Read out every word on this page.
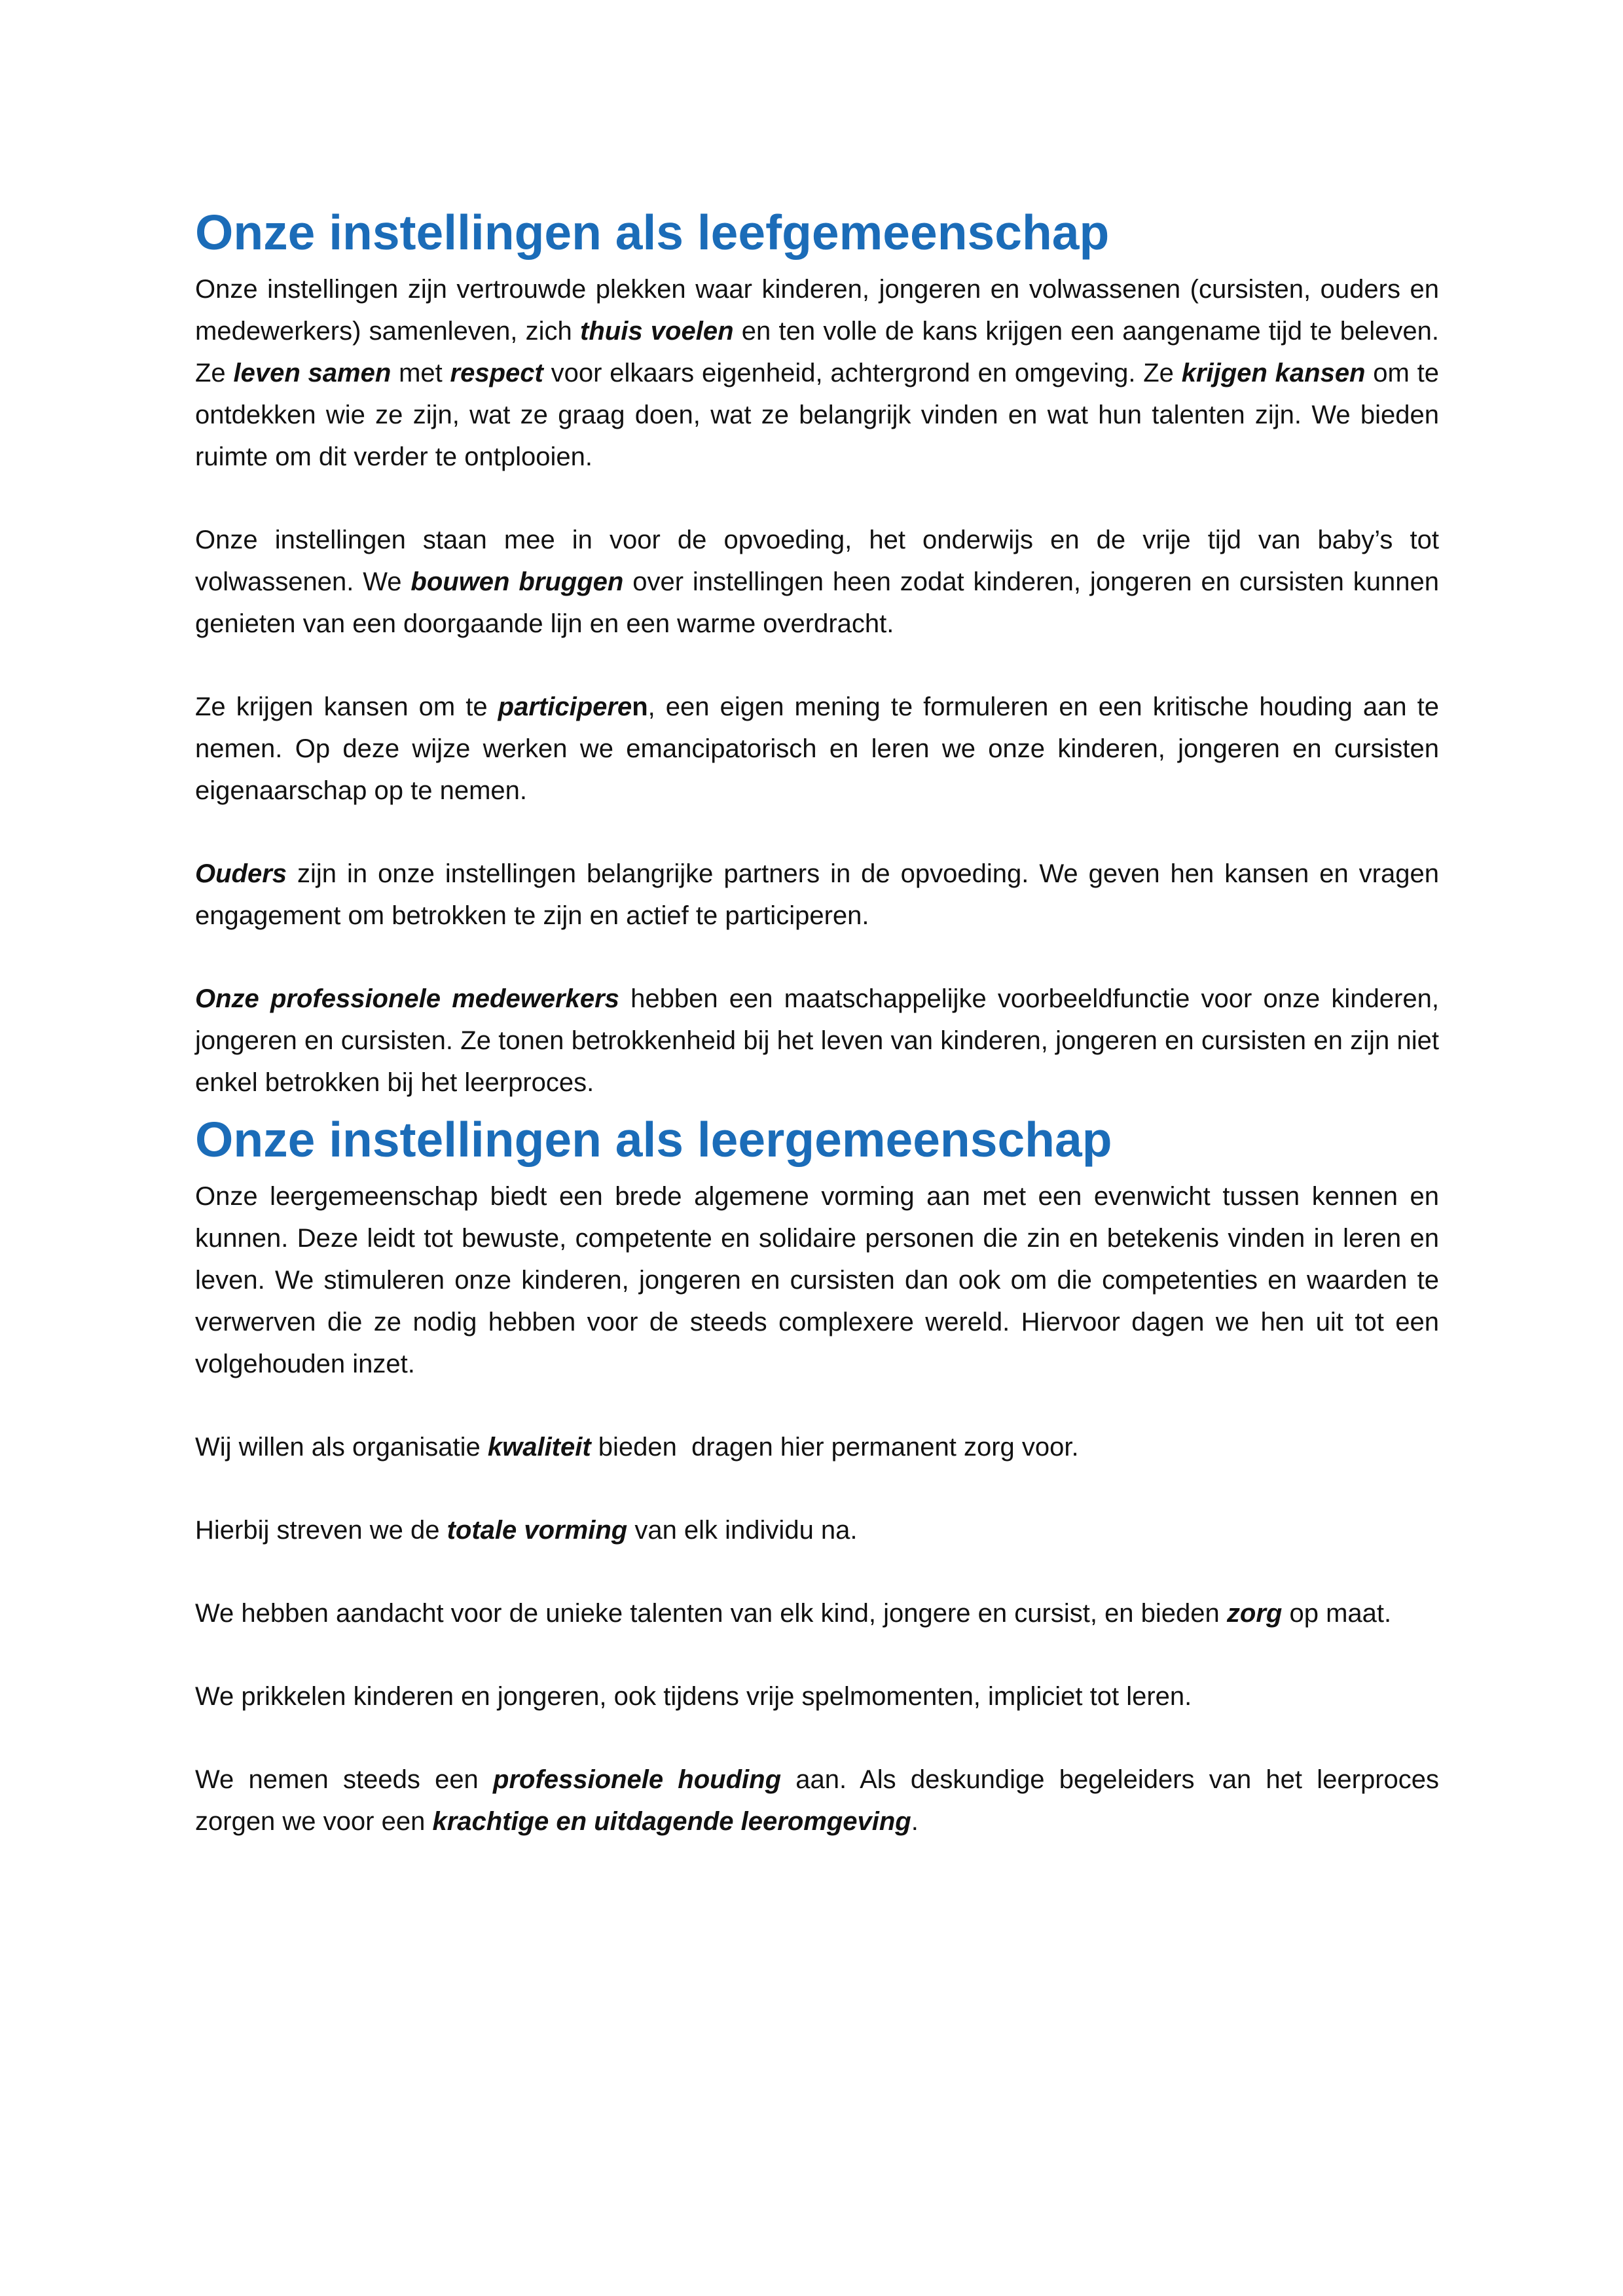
Onze instellingen als leefgemeenschap

Onze instellingen zijn vertrouwde plekken waar kinderen, jongeren en volwassenen (cursisten, ouders en medewerkers) samenleven, zich thuis voelen en ten volle de kans krijgen een aangename tijd te beleven. Ze leven samen met respect voor elkaars eigenheid, achtergrond en omgeving. Ze krijgen kansen om te ontdekken wie ze zijn, wat ze graag doen, wat ze belangrijk vinden en wat hun talenten zijn. We bieden ruimte om dit verder te ontplooien.

Onze instellingen staan mee in voor de opvoeding, het onderwijs en de vrije tijd van baby’s tot volwassenen. We bouwen bruggen over instellingen heen zodat kinderen, jongeren en cursisten kunnen genieten van een doorgaande lijn en een warme overdracht.

Ze krijgen kansen om te participeren, een eigen mening te formuleren en een kritische houding aan te nemen. Op deze wijze werken we emancipatorisch en leren we onze kinderen, jongeren en cursisten eigenaarschap op te nemen.

Ouders zijn in onze instellingen belangrijke partners in de opvoeding. We geven hen kansen en vragen engagement om betrokken te zijn en actief te participeren.

Onze professionele medewerkers hebben een maatschappelijke voorbeeldfunctie voor onze kinderen, jongeren en cursisten. Ze tonen betrokkenheid bij het leven van kinderen, jongeren en cursisten en zijn niet enkel betrokken bij het leerproces.

Onze instellingen als leergemeenschap

Onze leergemeenschap biedt een brede algemene vorming aan met een evenwicht tussen kennen en kunnen. Deze leidt tot bewuste, competente en solidaire personen die zin en betekenis vinden in leren en leven. We stimuleren onze kinderen, jongeren en cursisten dan ook om die competenties en waarden te verwerven die ze nodig hebben voor de steeds complexere wereld. Hiervoor dagen we hen uit tot een volgehouden inzet.

Wij willen als organisatie kwaliteit bieden  dragen hier permanent zorg voor.

Hierbij streven we de totale vorming van elk individu na.

We hebben aandacht voor de unieke talenten van elk kind, jongere en cursist, en bieden zorg op maat.

We prikkelen kinderen en jongeren, ook tijdens vrije spelmomenten, impliciet tot leren.

We nemen steeds een professionele houding aan. Als deskundige begeleiders van het leerproces zorgen we voor een krachtige en uitdagende leeromgeving.
